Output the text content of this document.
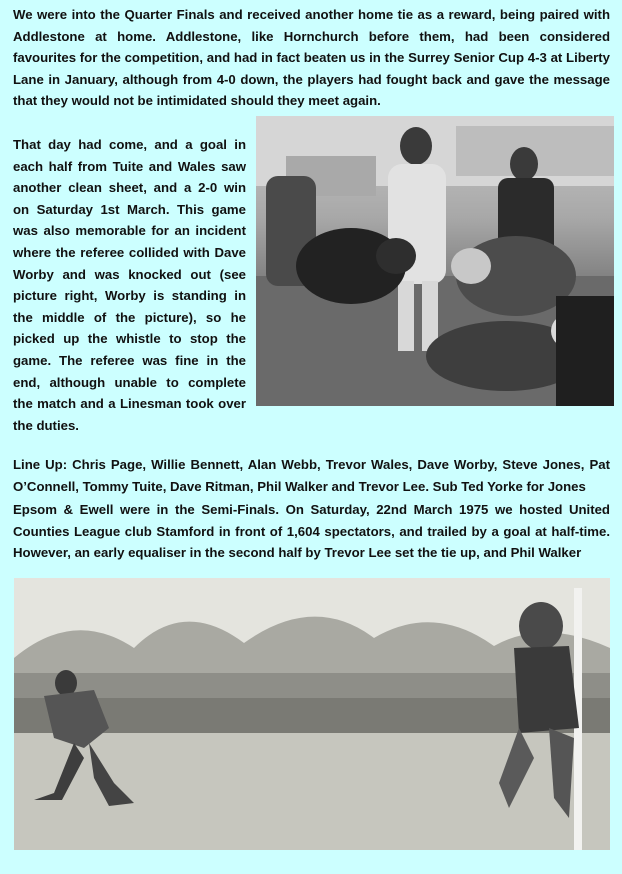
We were into the Quarter Finals and received another home tie as a reward, being paired with Addlestone at home. Addlestone, like Hornchurch before them, had been considered favourites for the competition, and had in fact beaten us in the Surrey Senior Cup 4-3 at Liberty Lane in January, although from 4-0 down, the players had fought back and gave the message that they would not be intimidated should they meet again.

That day had come, and a goal in each half from Tuite and Wales saw another clean sheet, and a 2-0 win on Saturday 1st March. This game was also memorable for an incident where the referee collided with Dave Worby and was knocked out (see picture right, Worby is standing in the middle of the picture), so he picked up the whistle to stop the game. The referee was fine in the end, although unable to complete the match and a Linesman took over the duties.

Line Up: Chris Page, Willie Bennett, Alan Webb, Trevor Wales, Dave Worby, Steve Jones, Pat O’Connell, Tommy Tuite, Dave Ritman, Phil Walker and Trevor Lee. Sub Ted Yorke for Jones

Epsom & Ewell were in the Semi-Finals. On Saturday, 22nd March 1975 we hosted United Counties League club Stamford in front of 1,604 spectators, and trailed by a goal at half-time. However, an early equaliser in the second half by Trevor Lee set the tie up, and Phil Walker
